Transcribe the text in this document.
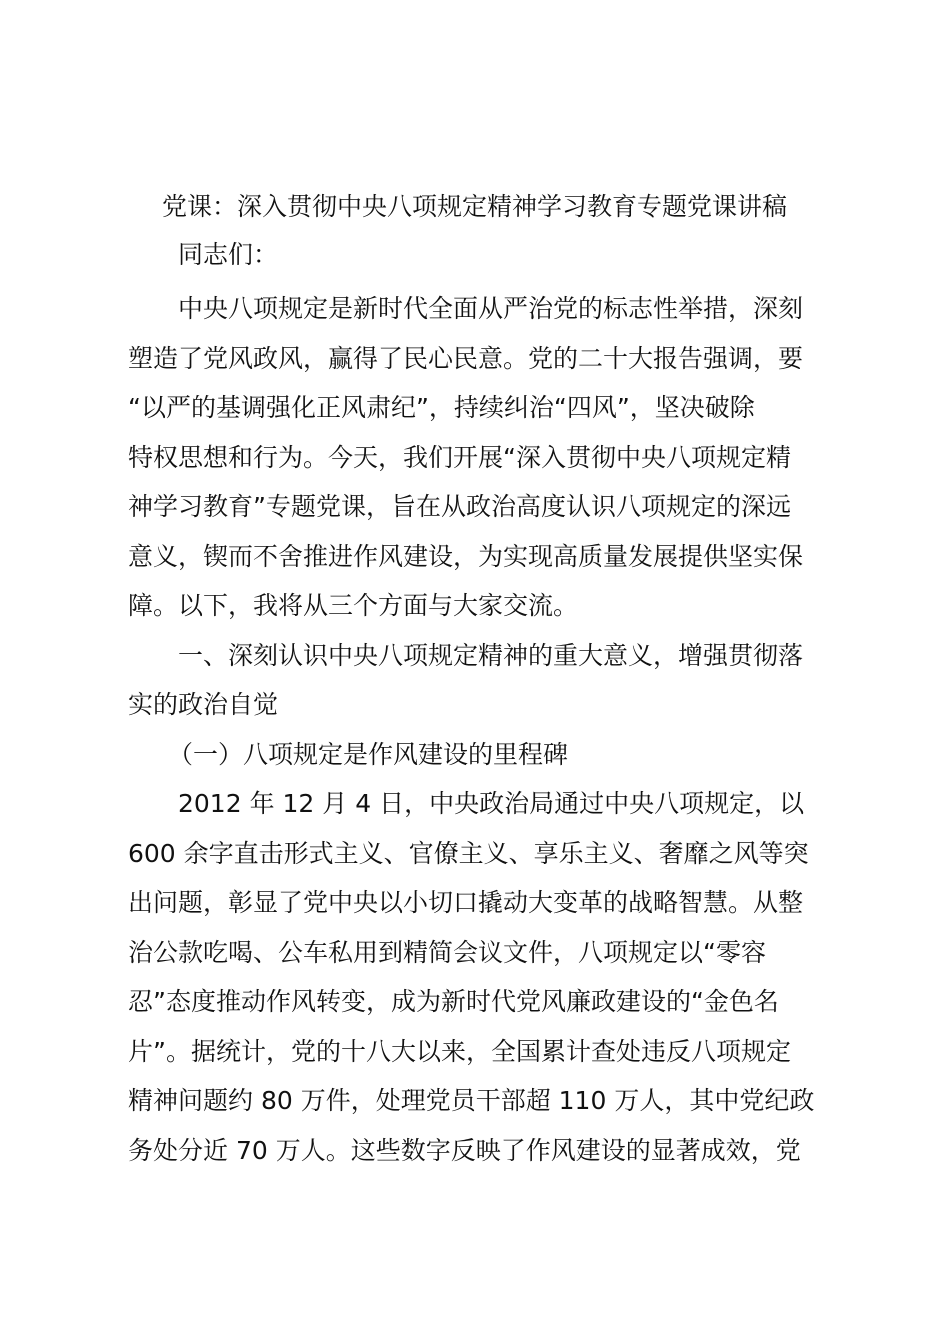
党课：深入贯彻中央八项规定精神学习教育专题党课讲稿
同志们：
中央八项规定是新时代全面从严治党的标志性举措，深刻
塑造了党风政风，赢得了民心民意。党的二十大报告强调，要
“以严的基调强化正风肃纪”，持续纠治“四风”，坚决破除
特权思想和行为。今天，我们开展“深入贯彻中央八项规定精
神学习教育”专题党课，旨在从政治高度认识八项规定的深远
意义，锲而不舍推进作风建设，为实现高质量发展提供坚实保
障。以下，我将从三个方面与大家交流。
一、深刻认识中央八项规定精神的重大意义，增强贯彻落
实的政治自觉
（一）八项规定是作风建设的里程碑
2012 年 12 月 4 日，中央政治局通过中央八项规定，以
600 余字直击形式主义、官僚主义、享乐主义、奢靡之风等突
出问题，彰显了党中央以小切口撬动大变革的战略智慧。从整
治公款吃喝、公车私用到精简会议文件，八项规定以“零容
忍”态度推动作风转变，成为新时代党风廉政建设的“金色名
片”。据统计，党的十八大以来，全国累计查处违反八项规定
精神问题约 80 万件，处理党员干部超 110 万人，其中党纪政
务处分近 70 万人。这些数字反映了作风建设的显著成效，党
